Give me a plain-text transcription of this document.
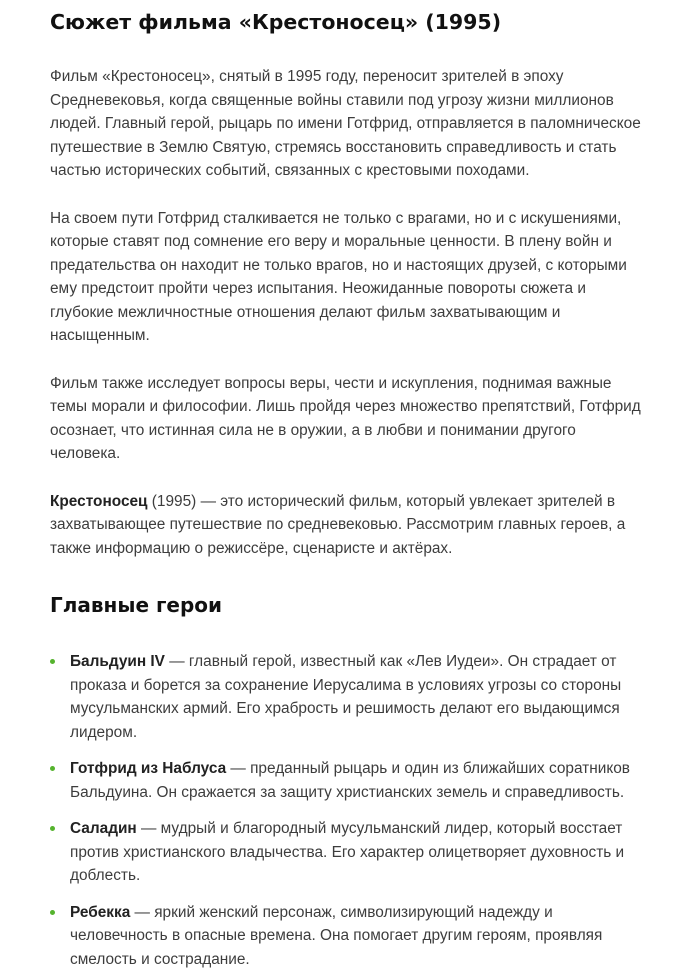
Сюжет фильма «Крестоносец» (1995)

Фильм «Крестоносец», снятый в 1995 году, переносит зрителей в эпоху Средневековья, когда священные войны ставили под угрозу жизни миллионов людей. Главный герой, рыцарь по имени Готфрид, отправляется в паломническое путешествие в Землю Святую, стремясь восстановить справедливость и стать частью исторических событий, связанных с крестовыми походами.

На своем пути Готфрид сталкивается не только с врагами, но и с искушениями, которые ставят под сомнение его веру и моральные ценности. В плену войн и предательства он находит не только врагов, но и настоящих друзей, с которыми ему предстоит пройти через испытания. Неожиданные повороты сюжета и глубокие межличностные отношения делают фильм захватывающим и насыщенным.

Фильм также исследует вопросы веры, чести и искупления, поднимая важные темы морали и философии. Лишь пройдя через множество препятствий, Готфрид осознает, что истинная сила не в оружии, а в любви и понимании другого человека.

Крестоносец (1995) — это исторический фильм, который увлекает зрителей в захватывающее путешествие по средневековью. Рассмотрим главных героев, а также информацию о режиссёре, сценаристе и актёрах.

Главные герои
Бальдуин IV — главный герой, известный как «Лев Иудеи». Он страдает от проказа и борется за сохранение Иерусалима в условиях угрозы со стороны мусульманских армий. Его храбрость и решимость делают его выдающимся лидером.
Готфрид из Наблуса — преданный рыцарь и один из ближайших соратников Бальдуина. Он сражается за защиту христианских земель и справедливость.
Саладин — мудрый и благородный мусульманский лидер, который восстает против христианского владычества. Его характер олицетворяет духовность и доблесть.
Ребекка — яркий женский персонаж, символизирующий надежду и человечность в опасные времена. Она помогает другим героям, проявляя смелость и сострадание.
